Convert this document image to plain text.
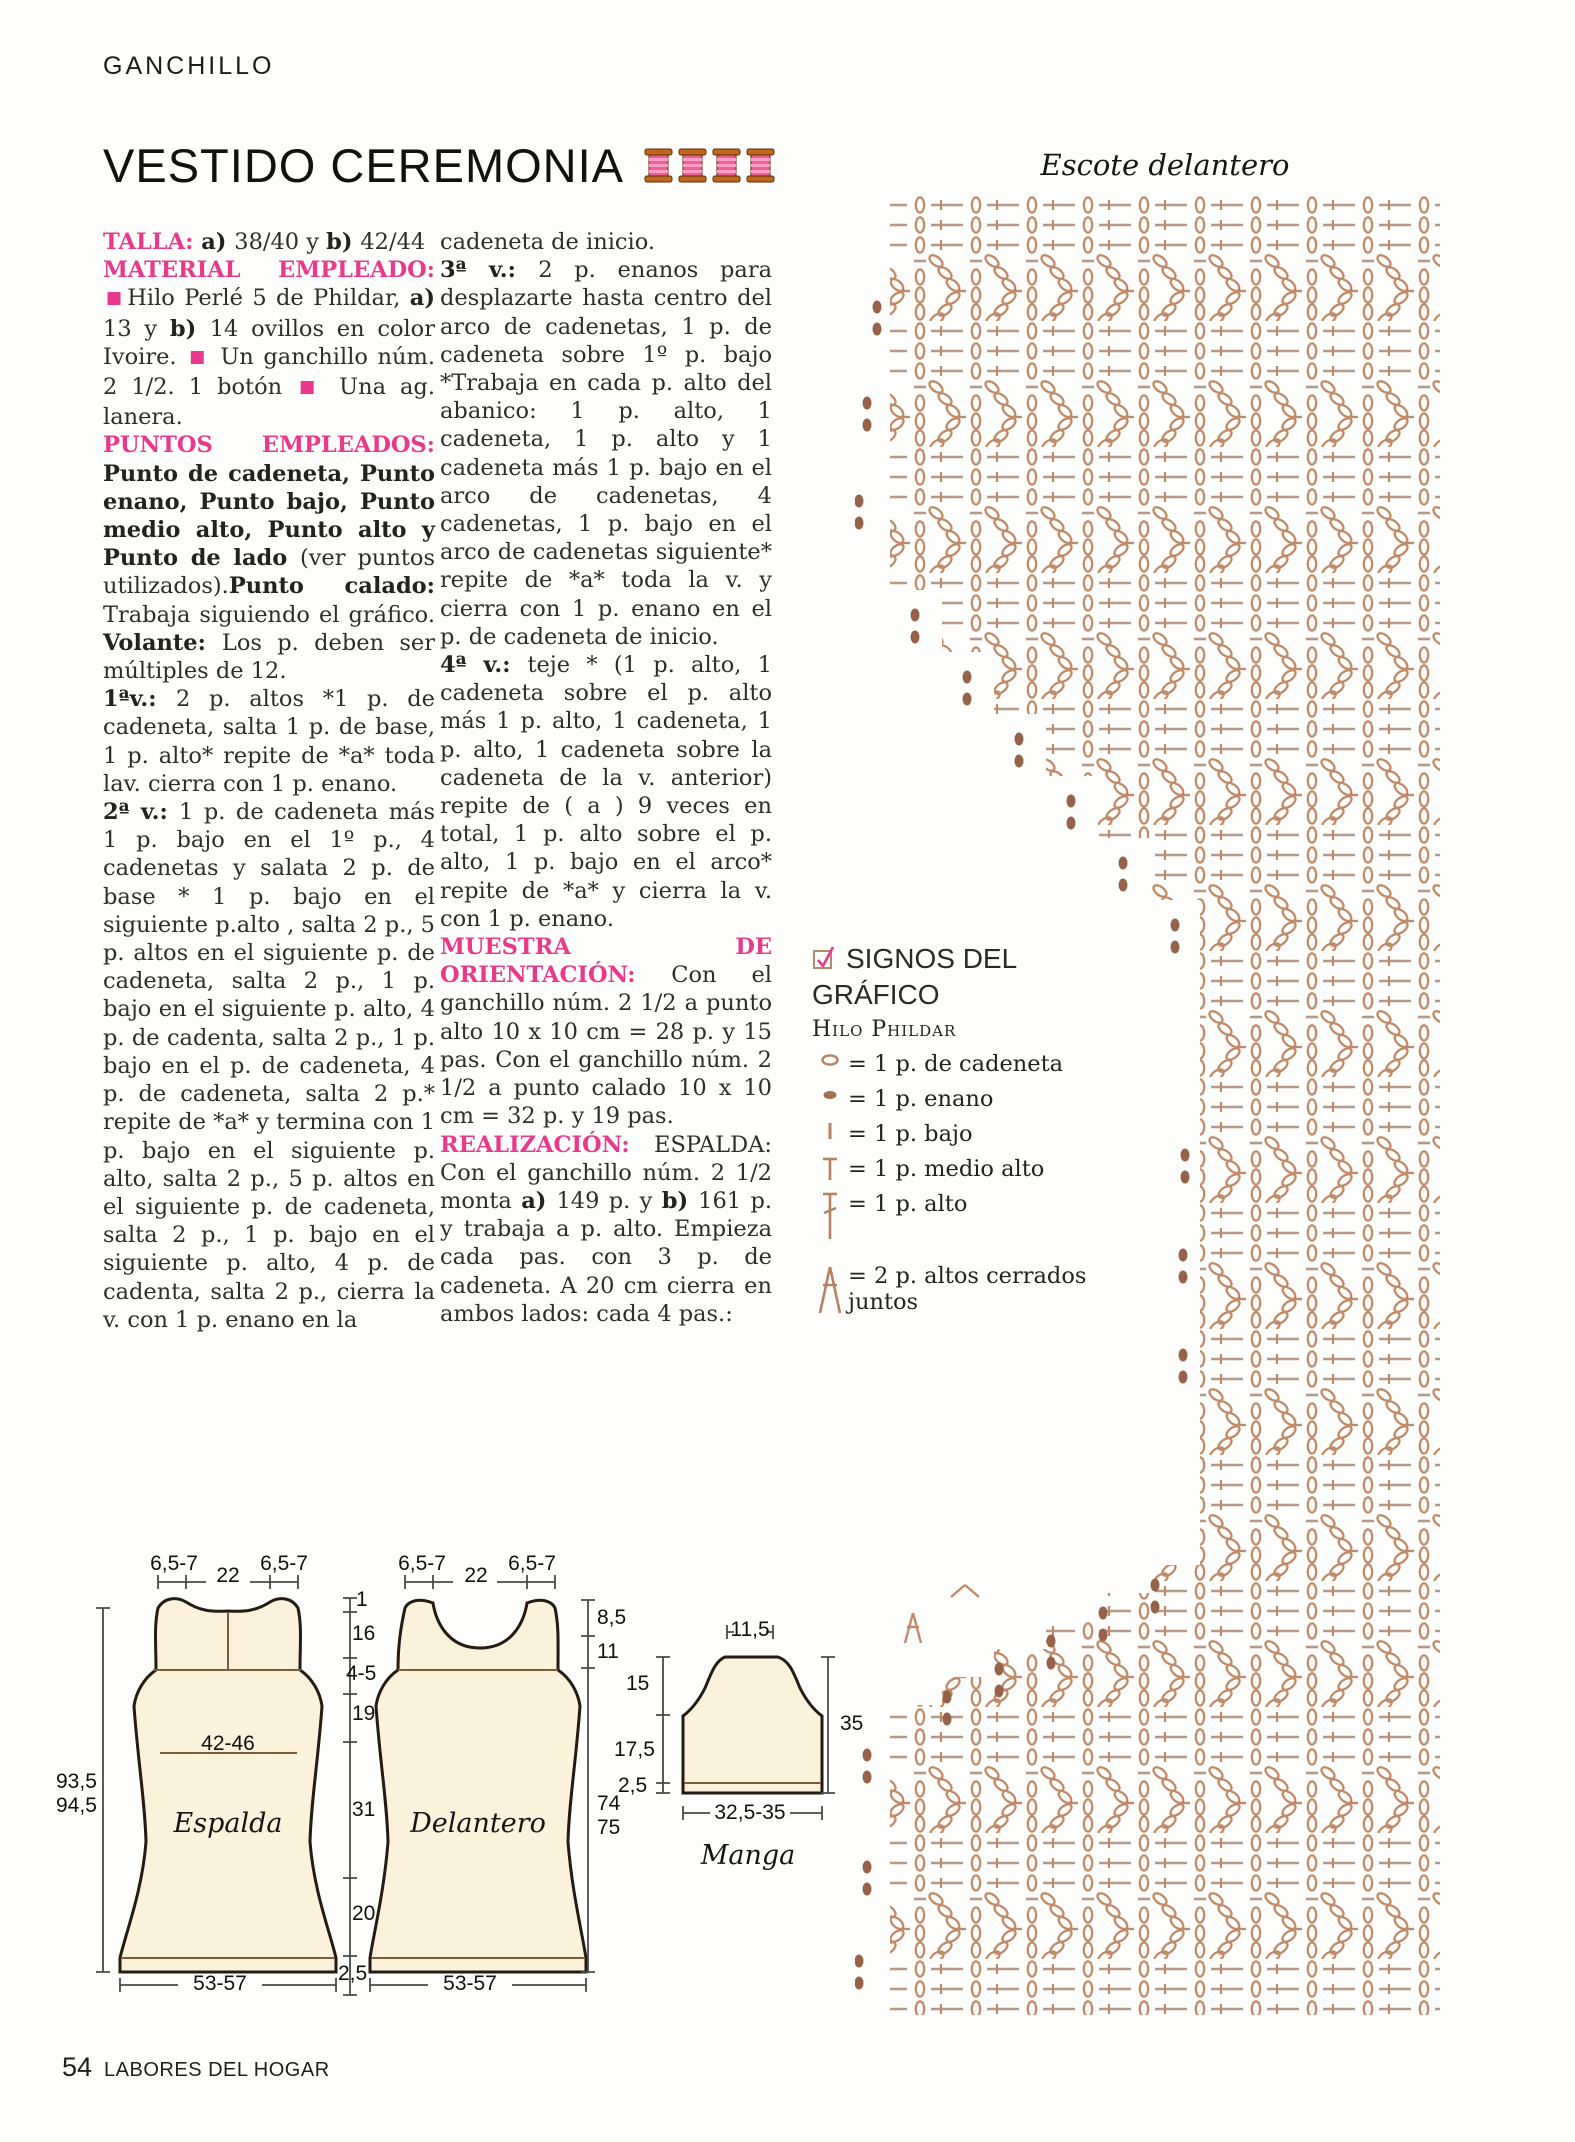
GANCHILLO
VESTIDO CEREMONIA

TALLA: a) 38/40 y b) 42/44

MATERIAL EMPLEADO: ■ Hilo Perlé 5 de Phildar, a) 13 y b) 14 ovillos en color Ivoire. ■ Un ganchillo núm. 2 1/2. 1 botón ■ Una ag. lanera.

PUNTOS EMPLEADOS: Punto de cadeneta, Punto enano, Punto bajo, Punto medio alto, Punto alto y Punto de lado (ver puntos utilizados).Punto calado: Trabaja siguiendo el gráfico. Volante: Los p. deben ser múltiples de 12.

1ªv.: 2 p. altos *1 p. de cadeneta, salta 1 p. de base, 1 p. alto* repite de *a* toda lav. cierra con 1 p. enano.

2ª v.: 1 p. de cadeneta más 1 p. bajo en el 1º p., 4 cadenetas y salata 2 p. de base * 1 p. bajo en el siguiente p.alto , salta 2 p., 5 p. altos en el siguiente p. de cadeneta, salta 2 p., 1 p. bajo en el siguiente p. alto, 4 p. de cadenta, salta 2 p., 1 p. bajo en el p. de cadeneta, 4 p. de cadeneta, salta 2 p.* repite de *a* y termina con 1 p. bajo en el siguiente p. alto, salta 2 p., 5 p. altos en el siguiente p. de cadeneta, salta 2 p., 1 p. bajo en el siguiente p. alto, 4 p. de cadenta, salta 2 p., cierra la v. con 1 p. enano en la

cadeneta de inicio.

3ª v.: 2 p. enanos para desplazarte hasta centro del arco de cadenetas, 1 p. de cadeneta sobre 1º p. bajo *Trabaja en cada p. alto del abanico: 1 p. alto, 1 cadeneta, 1 p. alto y 1 cadeneta más 1 p. bajo en el arco de cadenetas, 4 cadenetas, 1 p. bajo en el arco de cadenetas siguiente* repite de *a* toda la v. y cierra con 1 p. enano en el p. de cadeneta de inicio.

4ª v.: teje * (1 p. alto, 1 cadeneta sobre el p. alto más 1 p. alto, 1 cadeneta, 1 p. alto, 1 cadeneta sobre la cadeneta de la v. anterior) repite de ( a ) 9 veces en total, 1 p. alto sobre el p. alto, 1 p. bajo en el arco* repite de *a* y cierra la v. con 1 p. enano.

MUESTRA DE ORIENTACIÓN: Con el ganchillo núm. 2 1/2 a punto alto 10 x 10 cm = 28 p. y 15 pas. Con el ganchillo núm. 2 1/2 a punto calado 10 x 10 cm = 32 p. y 19 pas.

REALIZACIÓN: ESPALDA: Con el ganchillo núm. 2 1/2 monta a) 149 p. y b) 161 p. y trabaja a p. alto. Empieza cada pas. con 3 p. de cadeneta. A 20 cm cierra en ambos lados: cada 4 pas.:

SIGNOS DEL GRÁFICO
Hilo Phildar
= 1 p. de cadeneta
= 1 p. enano
= 1 p. bajo
= 1 p. medio alto
= 1 p. alto
= 2 p. altos cerrados juntos
Escote delantero
6,5-7
22
6,5-7
93,5
94,5
42-46
Espalda
53-57
1
16
4-5
19
31
20
2,5
6,5-7
22
6,5-7
8,5
11
74
75
Delantero
53-57
11,5
15
17,5
2,5
35
32,5-35
Manga
54 LABORES DEL HOGAR
